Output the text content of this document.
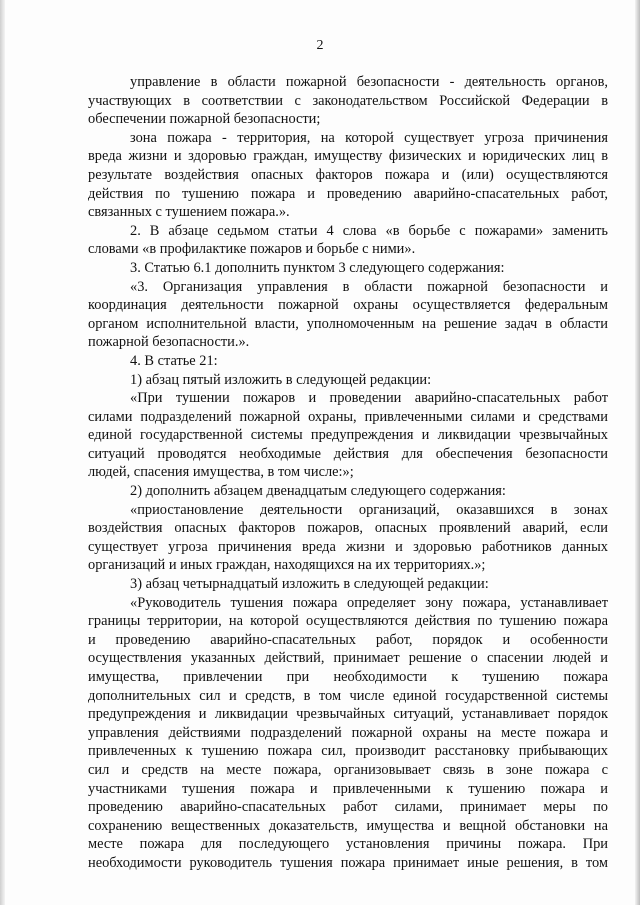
2
управление в области пожарной безопасности - деятельность органов,
участвующих в соответствии с законодательством Российской Федерации в
обеспечении пожарной безопасности;
зона пожара - территория, на которой существует угроза причинения
вреда жизни и здоровью граждан, имуществу физических и юридических лиц в
результате воздействия опасных факторов пожара и (или) осуществляются
действия по тушению пожара и проведению аварийно-спасательных работ,
связанных с тушением пожара.».
2. В абзаце седьмом статьи 4 слова «в борьбе с пожарами» заменить
словами «в профилактике пожаров и борьбе с ними».
3. Статью 6.1 дополнить пунктом 3 следующего содержания:
«3. Организация управления в области пожарной безопасности и
координация деятельности пожарной охраны осуществляется федеральным
органом исполнительной власти, уполномоченным на решение задач в области
пожарной безопасности.».
4. В статье 21:
1) абзац пятый изложить в следующей редакции:
«При тушении пожаров и проведении аварийно-спасательных работ
силами подразделений пожарной охраны, привлеченными силами и средствами
единой государственной системы предупреждения и ликвидации чрезвычайных
ситуаций проводятся необходимые действия для обеспечения безопасности
людей, спасения имущества, в том числе:»;
2) дополнить абзацем двенадцатым следующего содержания:
«приостановление деятельности организаций, оказавшихся в зонах
воздействия опасных факторов пожаров, опасных проявлений аварий, если
существует угроза причинения вреда жизни и здоровью работников данных
организаций и иных граждан, находящихся на их территориях.»;
3) абзац четырнадцатый изложить в следующей редакции:
«Руководитель тушения пожара определяет зону пожара, устанавливает
границы территории, на которой осуществляются действия по тушению пожара
и проведению аварийно-спасательных работ, порядок и особенности
осуществления указанных действий, принимает решение о спасении людей и
имущества, привлечении при необходимости к тушению пожара
дополнительных сил и средств, в том числе единой государственной системы
предупреждения и ликвидации чрезвычайных ситуаций, устанавливает порядок
управления действиями подразделений пожарной охраны на месте пожара и
привлеченных к тушению пожара сил, производит расстановку прибывающих
сил и средств на месте пожара, организовывает связь в зоне пожара с
участниками тушения пожара и привлеченными к тушению пожара и
проведению аварийно-спасательных работ силами, принимает меры по
сохранению вещественных доказательств, имущества и вещной обстановки на
месте пожара для последующего установления причины пожара. При
необходимости руководитель тушения пожара принимает иные решения, в том
